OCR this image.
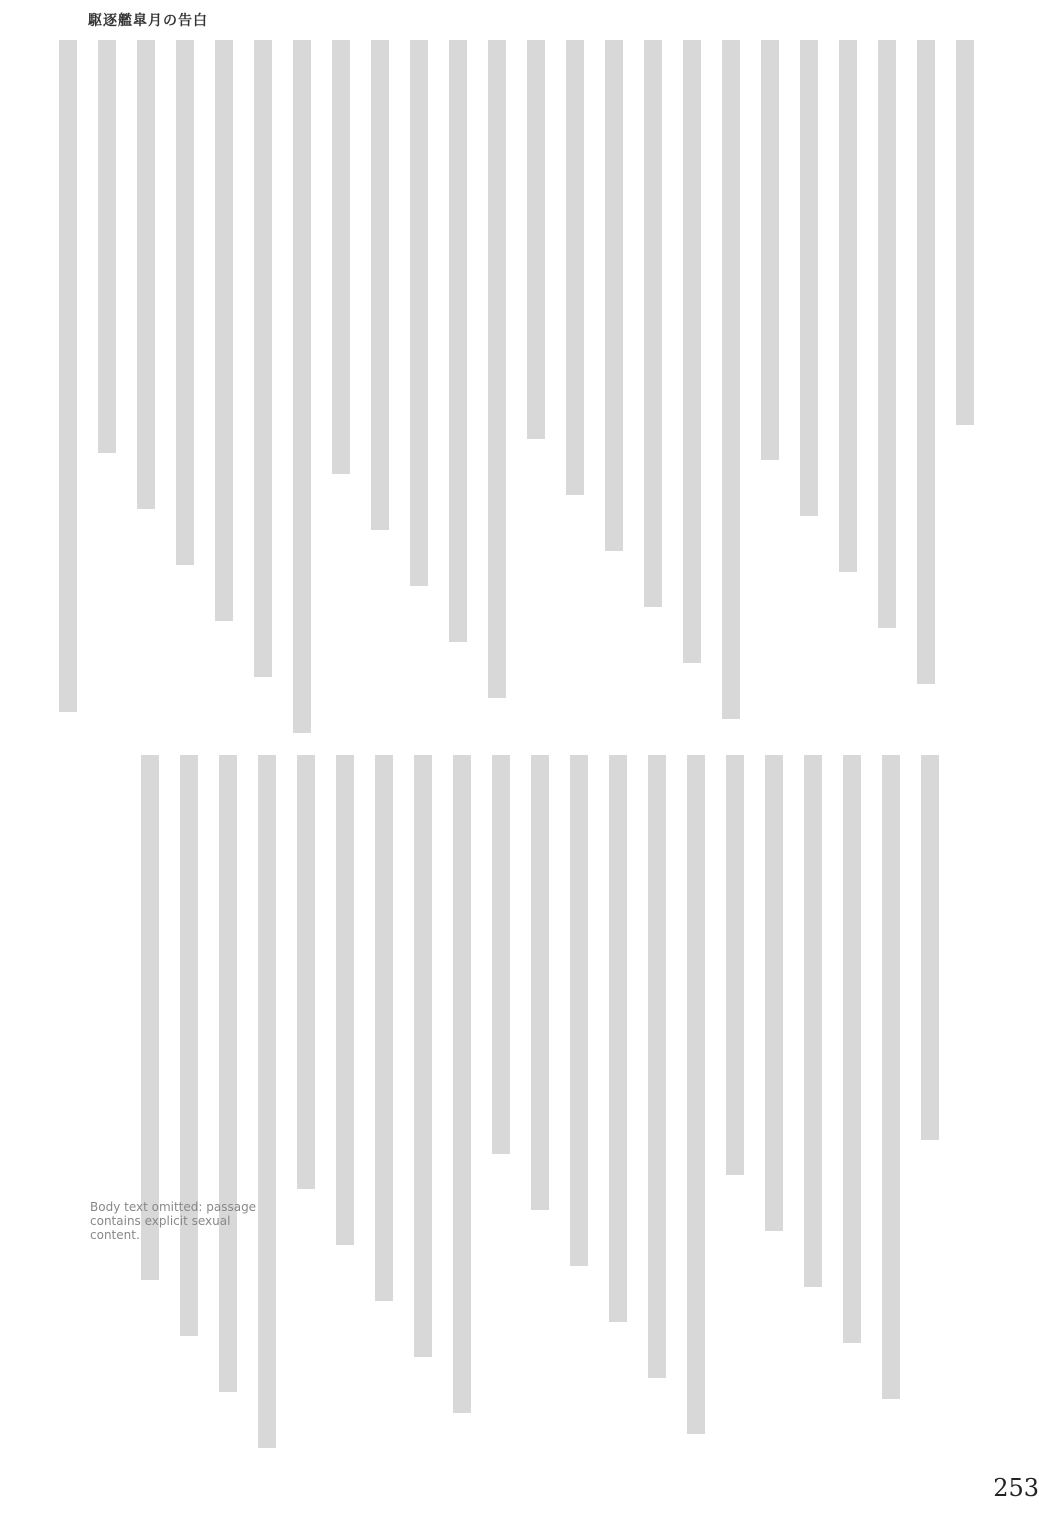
駆逐艦皐月の告白
Body text omitted: passage contains explicit sexual content.
253
